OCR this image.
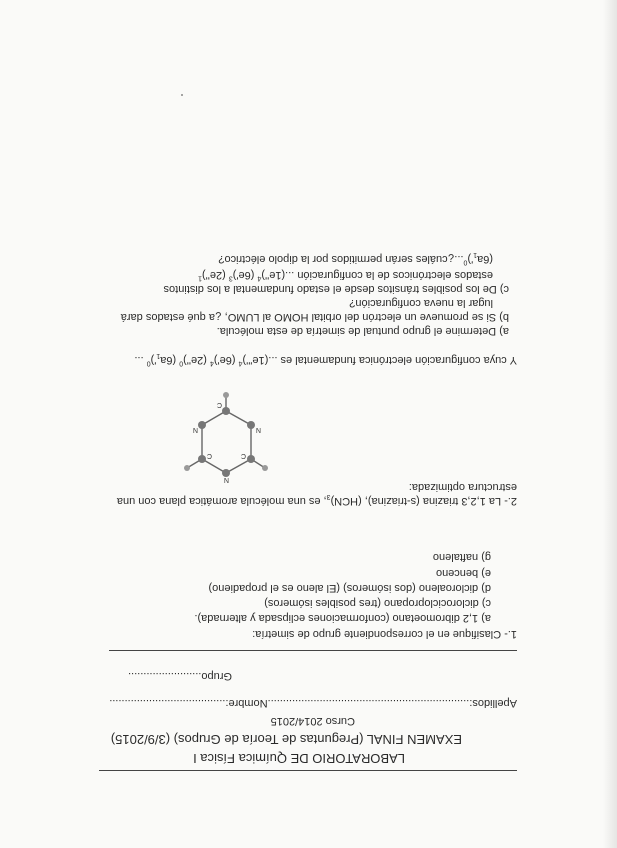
LABORATORIO DE Química Física I
EXAMEN FINAL (Preguntas de Teoría de Grupos) (3/9/2015)
Curso 2014/2015
Apellidos:..................................................................Nombre:......................................
Grupo........................
1.- Clasifique en el correspondiente grupo de simetría:
a) 1,2 dibromoetano (conformaciones eclipsada y alternada).
c) diclorociclopropano (tres posibles isómeros)
d) dicloroaleno (dos isómeros) (El aleno es el propadieno)
e) benceno
g) naftaleno
2.- La 1,2,3 triazina (s-triazina), $(HCN)_3$, es una molécula aromática plana con una
estructura optimizada:
C
N
C
N
C
N
Y cuya configuración electrónica fundamental es $...(1e''')^4$ $(6e')^4$ $(2e'')^0$ $(6a_1')^0$ ...
a) Determine el grupo puntual de simetría de esta molécula.
b) Si se promueve un electrón del orbital HOMO al LUMO, ¿a qué estados dará
lugar la nueva configuración?
c) De los posibles tránsitos desde el estado fundamental a los distintos
estados electrónicos de la configuración $...(1e'')^4$ $(6e')^3$ $(2e'')^1$
$(6a_1')^0...¿cuáles$ serán permitidos por la dipolo eléctrico?
